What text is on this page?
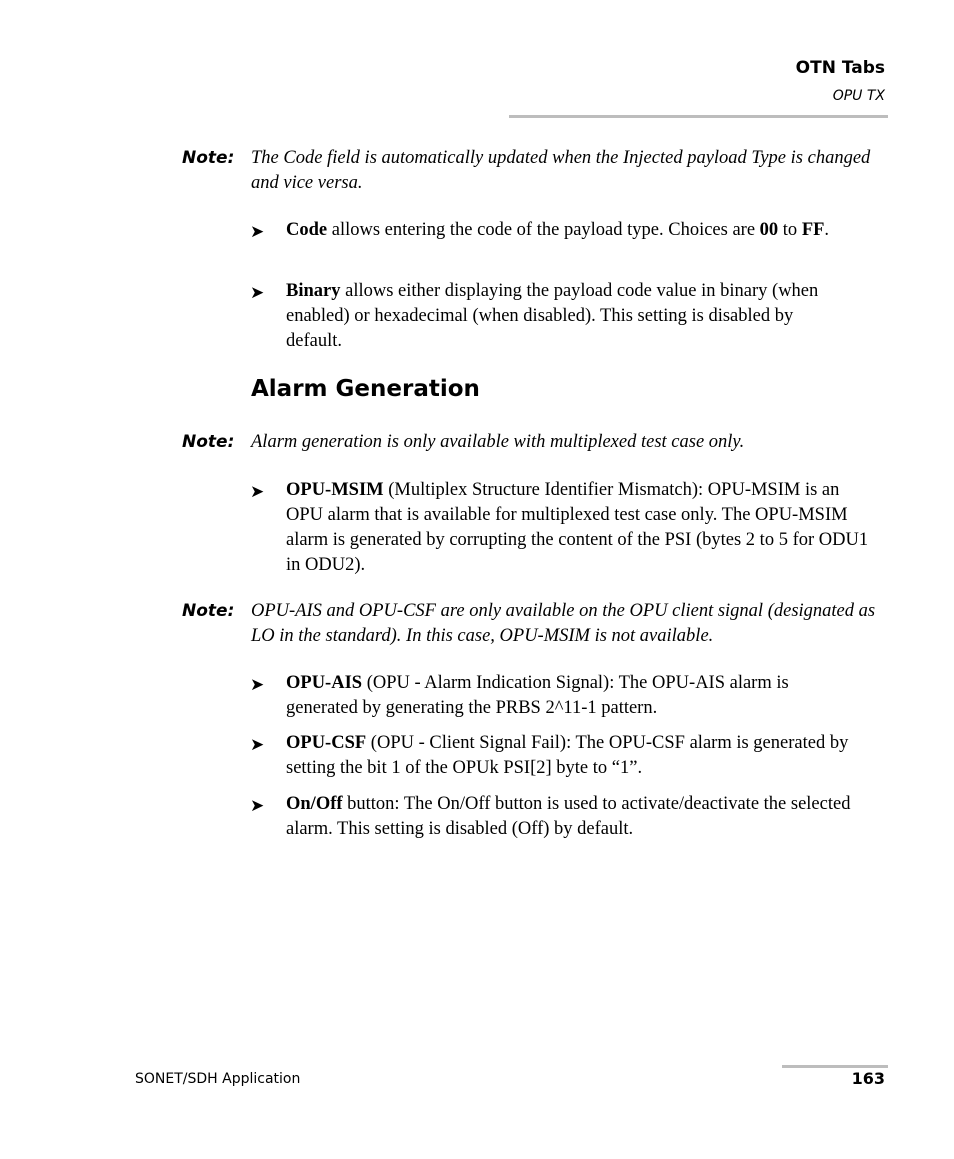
OTN Tabs
OPU TX
Note: The Code field is automatically updated when the Injected payload Type is changed and vice versa.
➤ Code allows entering the code of the payload type. Choices are 00 to FF.
➤ Binary allows either displaying the payload code value in binary (when enabled) or hexadecimal (when disabled). This setting is disabled by default.
Alarm Generation
Note: Alarm generation is only available with multiplexed test case only.
➤ OPU-MSIM (Multiplex Structure Identifier Mismatch): OPU-MSIM is an OPU alarm that is available for multiplexed test case only. The OPU-MSIM alarm is generated by corrupting the content of the PSI (bytes 2 to 5 for ODU1 in ODU2).
Note: OPU-AIS and OPU-CSF are only available on the OPU client signal (designated as LO in the standard). In this case, OPU-MSIM is not available.
➤ OPU-AIS (OPU - Alarm Indication Signal): The OPU-AIS alarm is generated by generating the PRBS 2^11-1 pattern.
➤ OPU-CSF (OPU - Client Signal Fail): The OPU-CSF alarm is generated by setting the bit 1 of the OPUk PSI[2] byte to “1”.
➤ On/Off button: The On/Off button is used to activate/deactivate the selected alarm. This setting is disabled (Off) by default.
SONET/SDH Application	163
